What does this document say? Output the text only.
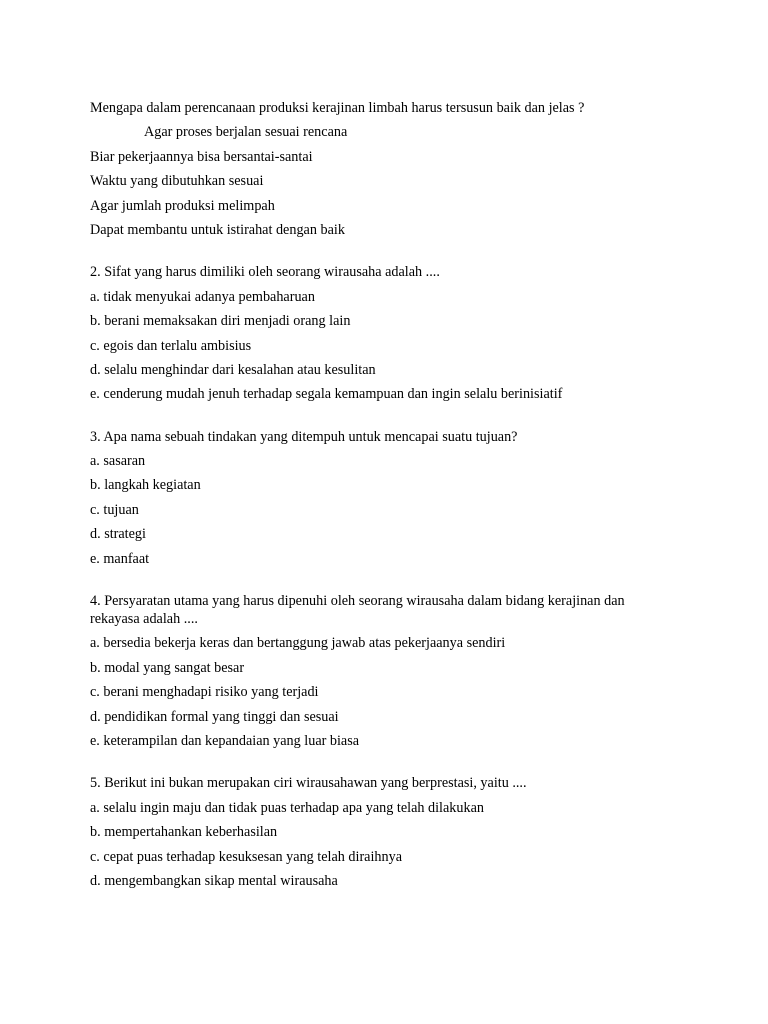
Mengapa dalam perencanaan produksi kerajinan limbah harus tersusun baik dan jelas ?
Agar proses berjalan sesuai rencana
Biar pekerjaannya bisa bersantai-santai
Waktu yang dibutuhkan sesuai
Agar jumlah produksi melimpah
Dapat membantu untuk istirahat dengan baik
2. Sifat yang harus dimiliki oleh seorang wirausaha adalah ....
a. tidak menyukai adanya pembaharuan
b. berani memaksakan diri menjadi orang lain
c. egois dan terlalu ambisius
d. selalu menghindar dari kesalahan atau kesulitan
e. cenderung mudah jenuh terhadap segala kemampuan dan ingin selalu berinisiatif
3. Apa nama sebuah tindakan yang ditempuh untuk mencapai suatu tujuan?
a. sasaran
b. langkah kegiatan
c. tujuan
d. strategi
e. manfaat
4. Persyaratan utama yang harus dipenuhi oleh seorang wirausaha dalam bidang kerajinan dan rekayasa adalah ....
a. bersedia bekerja keras dan bertanggung jawab atas pekerjaanya sendiri
b. modal yang sangat besar
c. berani menghadapi risiko yang terjadi
d. pendidikan formal yang tinggi dan sesuai
e. keterampilan dan kepandaian yang luar biasa
5. Berikut ini bukan merupakan ciri wirausahawan yang berprestasi, yaitu ....
a. selalu ingin maju dan tidak puas terhadap apa yang telah dilakukan
b. mempertahankan keberhasilan
c. cepat puas terhadap kesuksesan yang telah diraihnya
d. mengembangkan sikap mental wirausaha
